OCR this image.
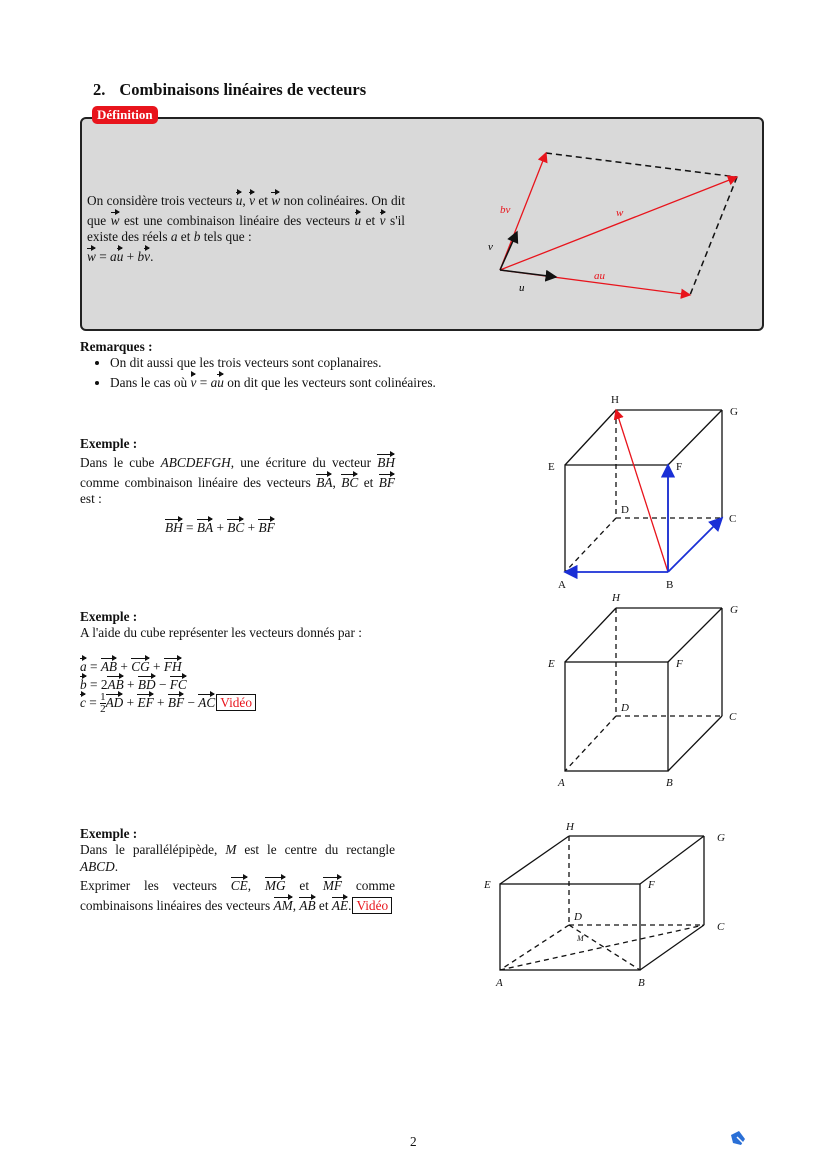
2. Combinaisons linéaires de vecteurs
Définition
On considère trois vecteurs u, v et w non colinéaires. On dit que w est une combinaison linéaire des vecteurs u et v s'il existe des réels a et b tels que :
w = au + bv.
Remarques :
• On dit aussi que les trois vecteurs sont coplanaires.
• Dans le cas où v = au on dit que les vecteurs sont colinéaires.
Exemple :
Dans le cube ABCDEFGH, une écriture du vecteur BH comme combinaison linéaire des vecteurs BA, BC et BF est :
BH = BA + BC + BF
Exemple :
A l'aide du cube représenter les vecteurs donnés par :
a = AB + CG + FH
b = 2AB + BD − FC
$c = \frac{1}{2}$ AD + EF + BF − AC Vidéo
Exemple :
Dans le parallélépipède, M est le centre du rectangle ABCD.
Exprimer les vecteurs CE, MG et MF comme combinaisons linéaires des vecteurs AM, AB et AE. Vidéo
v
bv	w
au
u
A	B
C
D
E	F
G
H
A	B
C
D
E	F
G
H
A	B
C
D
E	F
G
H
M
2
